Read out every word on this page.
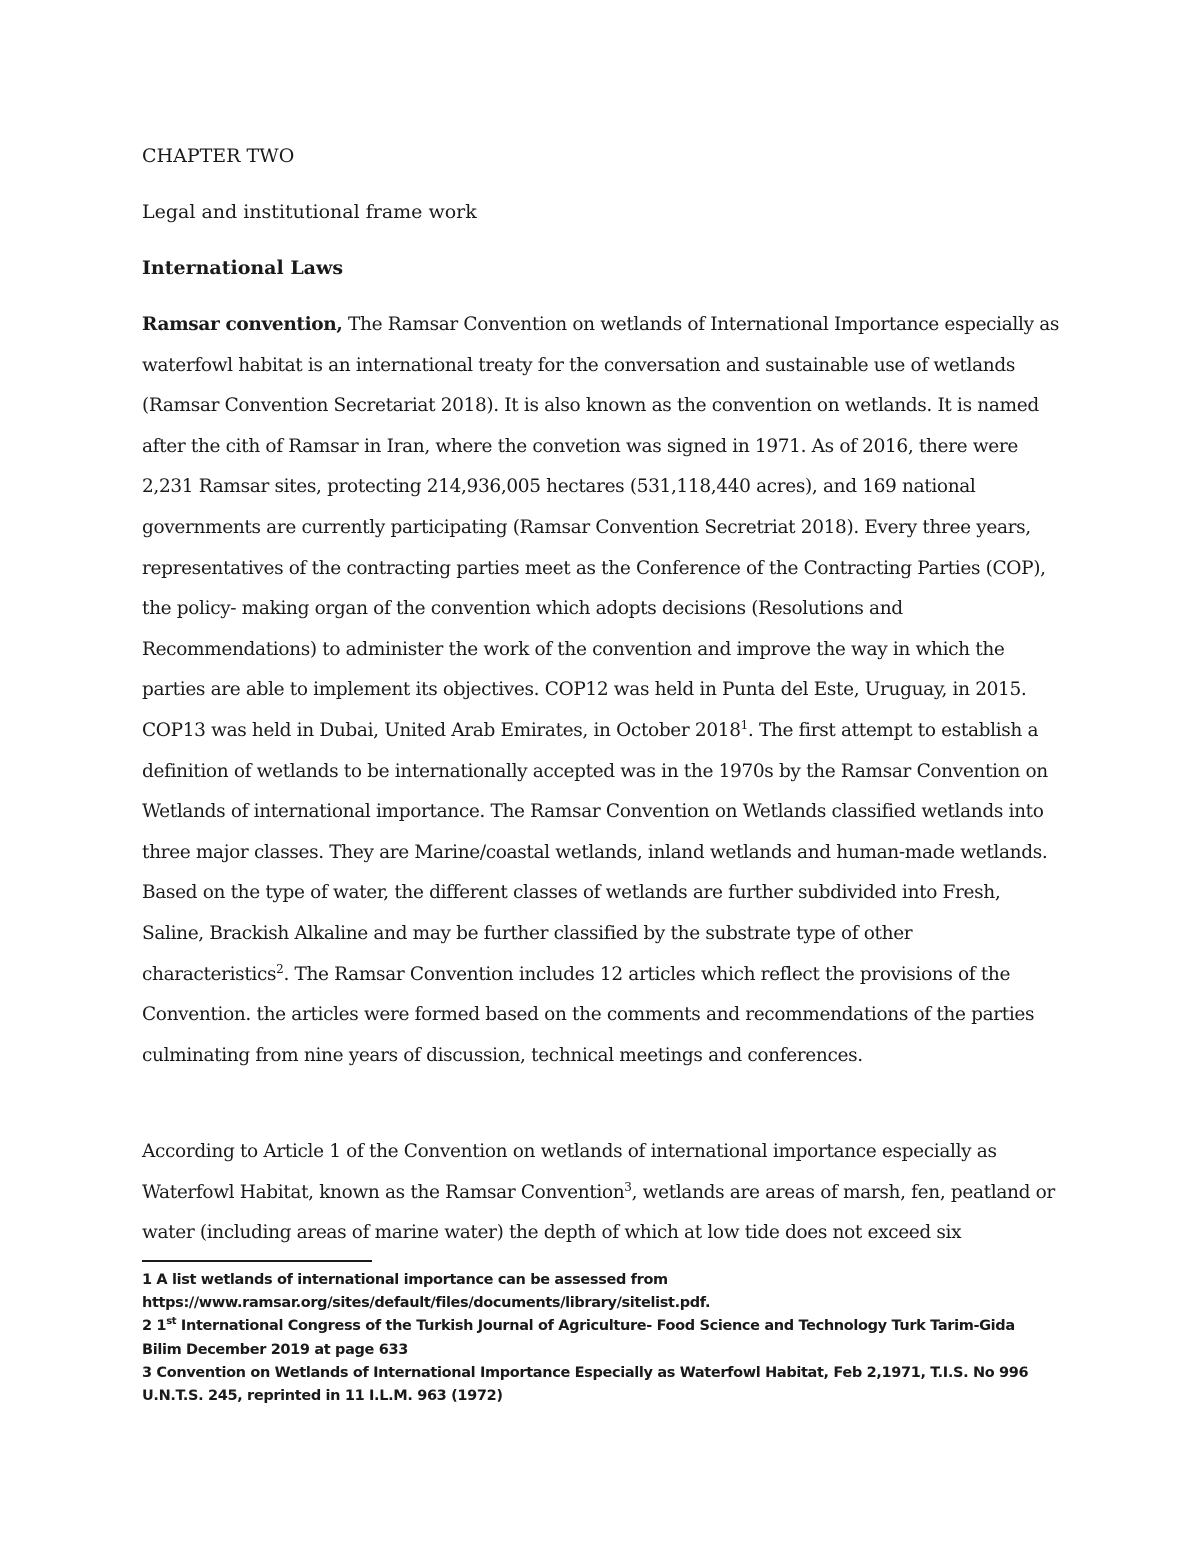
CHAPTER TWO
Legal and institutional frame work
International Laws

Ramsar convention, The Ramsar Convention on wetlands of International Importance especially as waterfowl habitat is an international treaty for the conversation and sustainable use of wetlands (Ramsar Convention Secretariat 2018). It is also known as the convention on wetlands. It is named after the cith of Ramsar in Iran, where the convetion was signed in 1971. As of 2016, there were 2,231 Ramsar sites, protecting 214,936,005 hectares (531,118,440 acres), and 169 national governments are currently participating (Ramsar Convention Secretriat 2018). Every three years, representatives of the contracting parties meet as the Conference of the Contracting Parties (COP), the policy- making organ of the convention which adopts decisions (Resolutions and Recommendations) to administer the work of the convention and improve the way in which the parties are able to implement its objectives. COP12 was held in Punta del Este, Uruguay, in 2015. COP13 was held in Dubai, United Arab Emirates, in October 2018$^1$. The first attempt to establish a definition of wetlands to be internationally accepted was in the 1970s by the Ramsar Convention on Wetlands of international importance. The Ramsar Convention on Wetlands classified wetlands into three major classes. They are Marine/coastal wetlands, inland wetlands and human-made wetlands. Based on the type of water, the different classes of wetlands are further subdivided into Fresh, Saline, Brackish Alkaline and may be further classified by the substrate type of other characteristics$^2$. The Ramsar Convention includes 12 articles which reflect the provisions of the Convention. the articles were formed based on the comments and recommendations of the parties culminating from nine years of discussion, technical meetings and conferences.

According to Article 1 of the Convention on wetlands of international importance especially as Waterfowl Habitat, known as the Ramsar Convention$^3$, wetlands are areas of marsh, fen, peatland or water (including areas of marine water) the depth of which at low tide does not exceed six

1 A list wetlands of international importance can be assessed from
https://www.ramsar.org/sites/default/files/documents/library/sitelist.pdf.

2 1st International Congress of the Turkish Journal of Agriculture- Food Science and Technology Turk Tarim-Gida
Bilim December 2019 at page 633

3 Convention on Wetlands of International Importance Especially as Waterfowl Habitat, Feb 2,1971, T.I.S. No 996
U.N.T.S. 245, reprinted in 11 I.L.M. 963 (1972)
